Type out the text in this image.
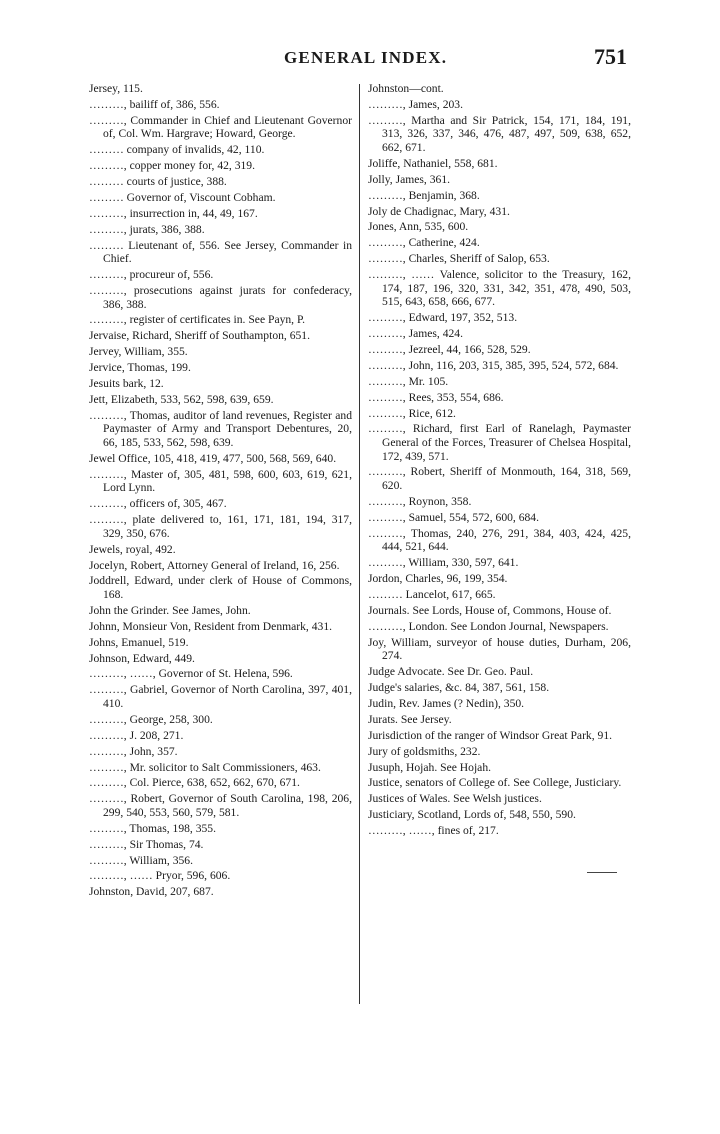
GENERAL INDEX.	751

Jersey, 115.

………, bailiff of, 386, 556.

………, Commander in Chief and Lieutenant Governor of, Col. Wm. Hargrave; Howard, George.

……… company of invalids, 42, 110.

………, copper money for, 42, 319.

……… courts of justice, 388.

……… Governor of, Viscount Cobham.

………, insurrection in, 44, 49, 167.

………, jurats, 386, 388.

……… Lieutenant of, 556. See Jersey, Commander in Chief.

………, procureur of, 556.

………, prosecutions against jurats for confederacy, 386, 388.

………, register of certificates in. See Payn, P.

Jervaise, Richard, Sheriff of Southampton, 651.

Jervey, William, 355.

Jervice, Thomas, 199.

Jesuits bark, 12.

Jett, Elizabeth, 533, 562, 598, 639, 659.

………, Thomas, auditor of land revenues, Register and Paymaster of Army and Transport Debentures, 20, 66, 185, 533, 562, 598, 639.

Jewel Office, 105, 418, 419, 477, 500, 568, 569, 640.

………, Master of, 305, 481, 598, 600, 603, 619, 621, Lord Lynn.

………, officers of, 305, 467.

………, plate delivered to, 161, 171, 181, 194, 317, 329, 350, 676.

Jewels, royal, 492.

Jocelyn, Robert, Attorney General of Ireland, 16, 256.

Joddrell, Edward, under clerk of House of Commons, 168.

John the Grinder. See James, John.

Johnn, Monsieur Von, Resident from Denmark, 431.

Johns, Emanuel, 519.

Johnson, Edward, 449.

………, ……, Governor of St. Helena, 596.

………, Gabriel, Governor of North Carolina, 397, 401, 410.

………, George, 258, 300.

………, J. 208, 271.

………, John, 357.

………, Mr. solicitor to Salt Commissioners, 463.

………, Col. Pierce, 638, 652, 662, 670, 671.

………, Robert, Governor of South Carolina, 198, 206, 299, 540, 553, 560, 579, 581.

………, Thomas, 198, 355.

………, Sir Thomas, 74.

………, William, 356.

………, …… Pryor, 596, 606.

Johnston, David, 207, 687.

Johnston—cont.

………, James, 203.

………, Martha and Sir Patrick, 154, 171, 184, 191, 313, 326, 337, 346, 476, 487, 497, 509, 638, 652, 662, 671.

Joliffe, Nathaniel, 558, 681.

Jolly, James, 361.

………, Benjamin, 368.

Joly de Chadignac, Mary, 431.

Jones, Ann, 535, 600.

………, Catherine, 424.

………, Charles, Sheriff of Salop, 653.

………, …… Valence, solicitor to the Treasury, 162, 174, 187, 196, 320, 331, 342, 351, 478, 490, 503, 515, 643, 658, 666, 677.

………, Edward, 197, 352, 513.

………, James, 424.

………, Jezreel, 44, 166, 528, 529.

………, John, 116, 203, 315, 385, 395, 524, 572, 684.

………, Mr. 105.

………, Rees, 353, 554, 686.

………, Rice, 612.

………, Richard, first Earl of Ranelagh, Paymaster General of the Forces, Treasurer of Chelsea Hospital, 172, 439, 571.

………, Robert, Sheriff of Monmouth, 164, 318, 569, 620.

………, Roynon, 358.

………, Samuel, 554, 572, 600, 684.

………, Thomas, 240, 276, 291, 384, 403, 424, 425, 444, 521, 644.

………, William, 330, 597, 641.

Jordon, Charles, 96, 199, 354.

……… Lancelot, 617, 665.

Journals. See Lords, House of, Commons, House of.

………, London. See London Journal, Newspapers.

Joy, William, surveyor of house duties, Durham, 206, 274.

Judge Advocate. See Dr. Geo. Paul.

Judge's salaries, &c. 84, 387, 561, 158.

Judin, Rev. James (? Nedin), 350.

Jurats. See Jersey.

Jurisdiction of the ranger of Windsor Great Park, 91.

Jury of goldsmiths, 232.

Jusuph, Hojah. See Hojah.

Justice, senators of College of. See College, Justiciary.

Justices of Wales. See Welsh justices.

Justiciary, Scotland, Lords of, 548, 550, 590.

………, ……, fines of, 217.
